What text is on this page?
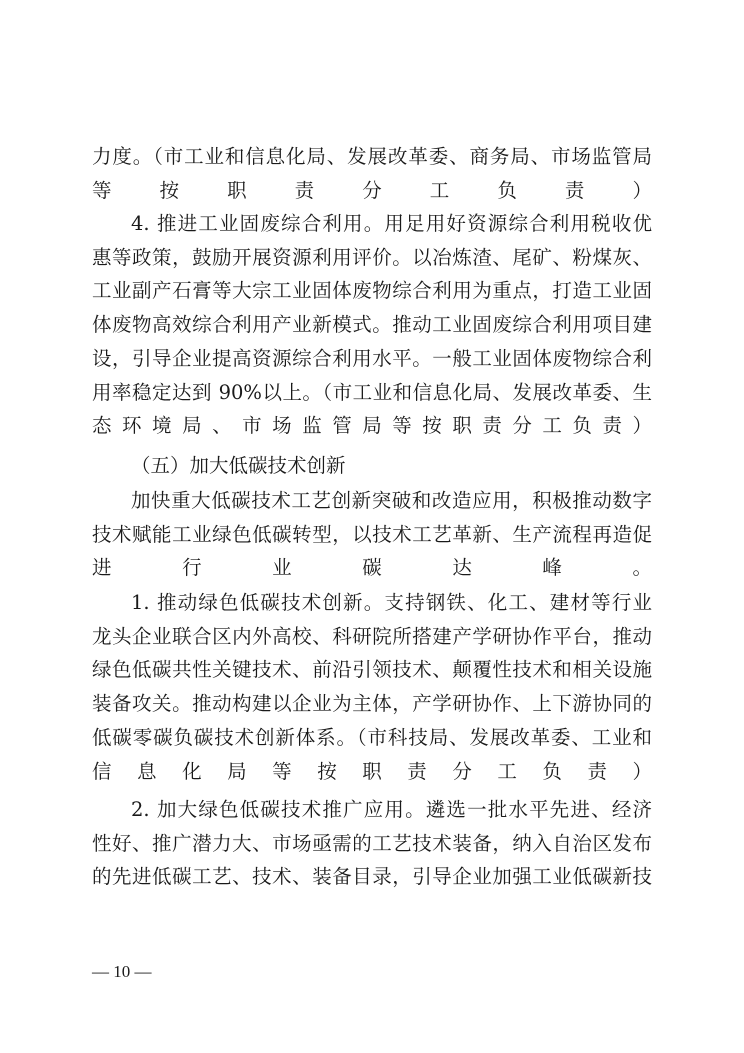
力度。（市工业和信息化局、发展改革委、商务局、市场监管局
等按职责分工负责）
4. 推进工业固废综合利用。用足用好资源综合利用税收优
惠等政策，鼓励开展资源利用评价。以冶炼渣、尾矿、粉煤灰、
工业副产石膏等大宗工业固体废物综合利用为重点，打造工业固
体废物高效综合利用产业新模式。推动工业固废综合利用项目建
设，引导企业提高资源综合利用水平。一般工业固体废物综合利
用率稳定达到 90%以上。（市工业和信息化局、发展改革委、生
态环境局、市场监管局等按职责分工负责）

（五）加大低碳技术创新

加快重大低碳技术工艺创新突破和改造应用，积极推动数字
技术赋能工业绿色低碳转型，以技术工艺革新、生产流程再造促
进行业碳达峰。
1. 推动绿色低碳技术创新。支持钢铁、化工、建材等行业
龙头企业联合区内外高校、科研院所搭建产学研协作平台，推动
绿色低碳共性关键技术、前沿引领技术、颠覆性技术和相关设施
装备攻关。推动构建以企业为主体，产学研协作、上下游协同的
低碳零碳负碳技术创新体系。（市科技局、发展改革委、工业和
信息化局等按职责分工负责）
2. 加大绿色低碳技术推广应用。遴选一批水平先进、经济
性好、推广潜力大、市场亟需的工艺技术装备，纳入自治区发布
的先进低碳工艺、技术、装备目录，引导企业加强工业低碳新技
— 10 —
